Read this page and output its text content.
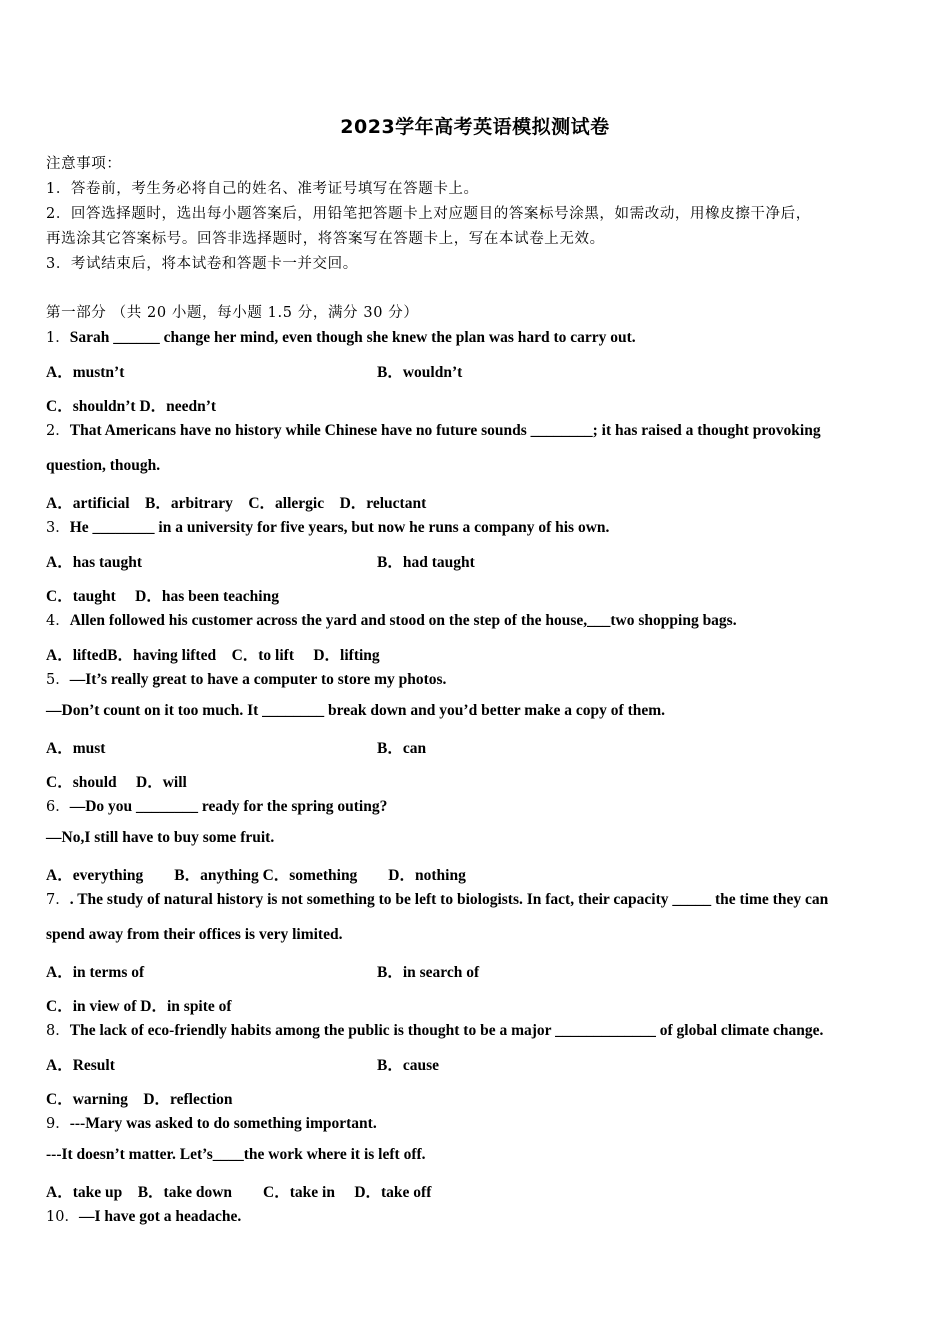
2023学年高考英语模拟测试卷
注意事项：
1．答卷前，考生务必将自己的姓名、准考证号填写在答题卡上。
2．回答选择题时，选出每小题答案后，用铅笔把答题卡上对应题目的答案标号涂黑，如需改动，用橡皮擦干净后，
再选涂其它答案标号。回答非选择题时，将答案写在答题卡上，写在本试卷上无效。
3．考试结束后，将本试卷和答题卡一并交回。
第一部分 （共 20 小题，每小题 1.5 分，满分 30 分）
1．Sarah ______ change her mind, even though she knew the plan was hard to carry out.
A．mustn’t	B．wouldn’t
C．shouldn’t D．needn’t
2．That Americans have no history while Chinese have no future sounds ________; it has raised a thought provoking
question, though.
A．artificial　B．arbitrary　C．allergic　D．reluctant
3．He ________ in a university for five years, but now he runs a company of his own.
A．has taught	B．had taught
C．taught　 D．has been teaching
4．Allen followed his customer across the yard and stood on the step of the house,___two shopping bags.
A．liftedB．having lifted　C．to lift　 D．lifting
5．—It’s really great to have a computer to store my photos.
—Don’t count on it too much. It ________ break down and you’d better make a copy of them.
A．must	B．can
C．should　 D．will
6．—Do you ________ ready for the spring outing?
—No,I still have to buy some fruit.
A．everything　　B．anything C．something　　D．nothing
7．. The study of natural history is not something to be left to biologists. In fact, their capacity _____ the time they can
spend away from their offices is very limited.
A．in terms of	B．in search of
C．in view of D．in spite of
8．The lack of eco-friendly habits among the public is thought to be a major _____________ of global climate change.
A．Result	B．cause
C．warning　D．reflection
9．---Mary was asked to do something important.
---It doesn’t matter. Let’s____the work where it is left off.
A．take up　B．take down　　C．take in　 D．take off
10．—I have got a headache.
